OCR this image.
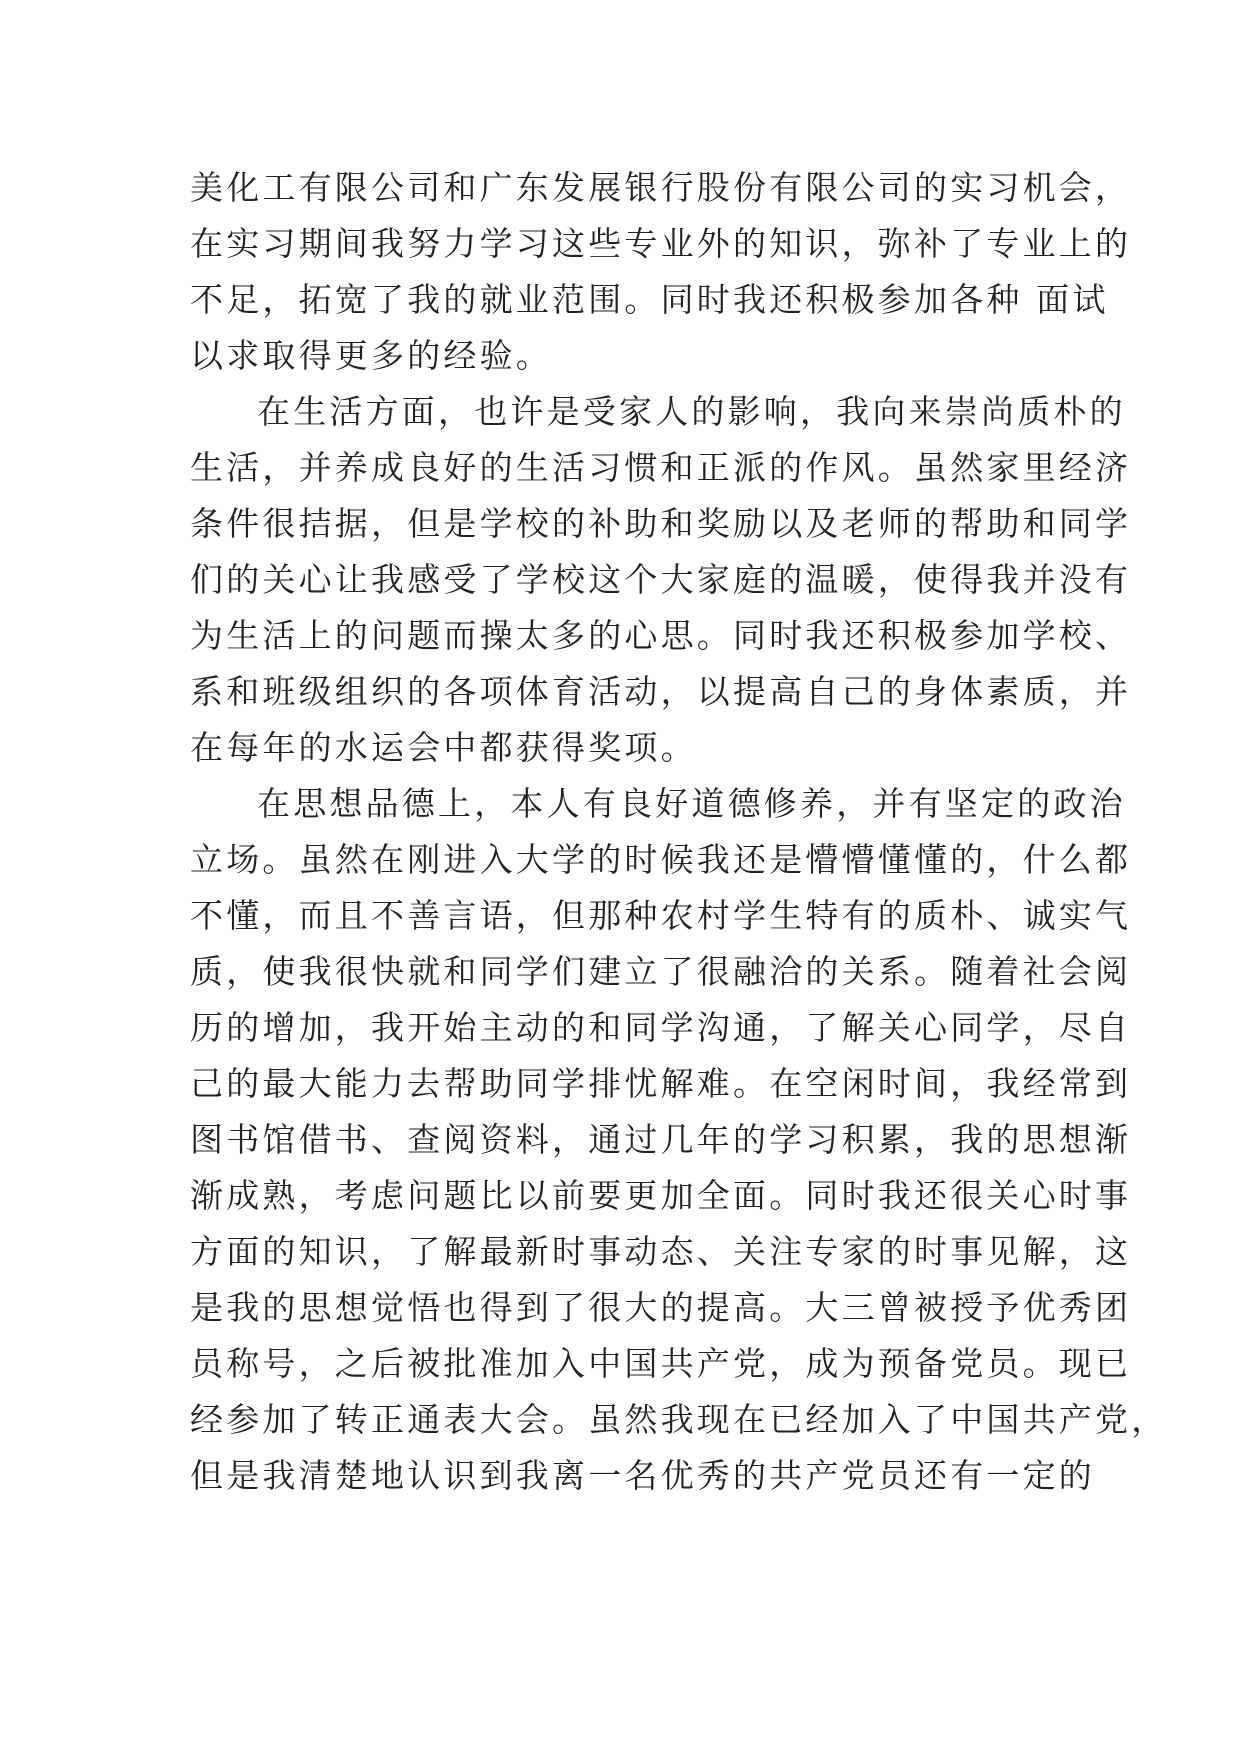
美化工有限公司和广东发展银行股份有限公司的实习机会，
在实习期间我努力学习这些专业外的知识，弥补了专业上的
不足，拓宽了我的就业范围。同时我还积极参加各种 面试
以求取得更多的经验。
在生活方面，也许是受家人的影响，我向来崇尚质朴的
生活，并养成良好的生活习惯和正派的作风。虽然家里经济
条件很拮据，但是学校的补助和奖励以及老师的帮助和同学
们的关心让我感受了学校这个大家庭的温暖，使得我并没有
为生活上的问题而操太多的心思。同时我还积极参加学校、
系和班级组织的各项体育活动，以提高自己的身体素质，并
在每年的水运会中都获得奖项。
在思想品德上，本人有良好道德修养，并有坚定的政治
立场。虽然在刚进入大学的时候我还是懵懵懂懂的，什么都
不懂，而且不善言语，但那种农村学生特有的质朴、诚实气
质，使我很快就和同学们建立了很融洽的关系。随着社会阅
历的增加，我开始主动的和同学沟通，了解关心同学，尽自
己的最大能力去帮助同学排忧解难。在空闲时间，我经常到
图书馆借书、查阅资料，通过几年的学习积累，我的思想渐
渐成熟，考虑问题比以前要更加全面。同时我还很关心时事
方面的知识，了解最新时事动态、关注专家的时事见解，这
是我的思想觉悟也得到了很大的提高。大三曾被授予优秀团
员称号，之后被批准加入中国共产党，成为预备党员。现已
经参加了转正通表大会。虽然我现在已经加入了中国共产党，
但是我清楚地认识到我离一名优秀的共产党员还有一定的
